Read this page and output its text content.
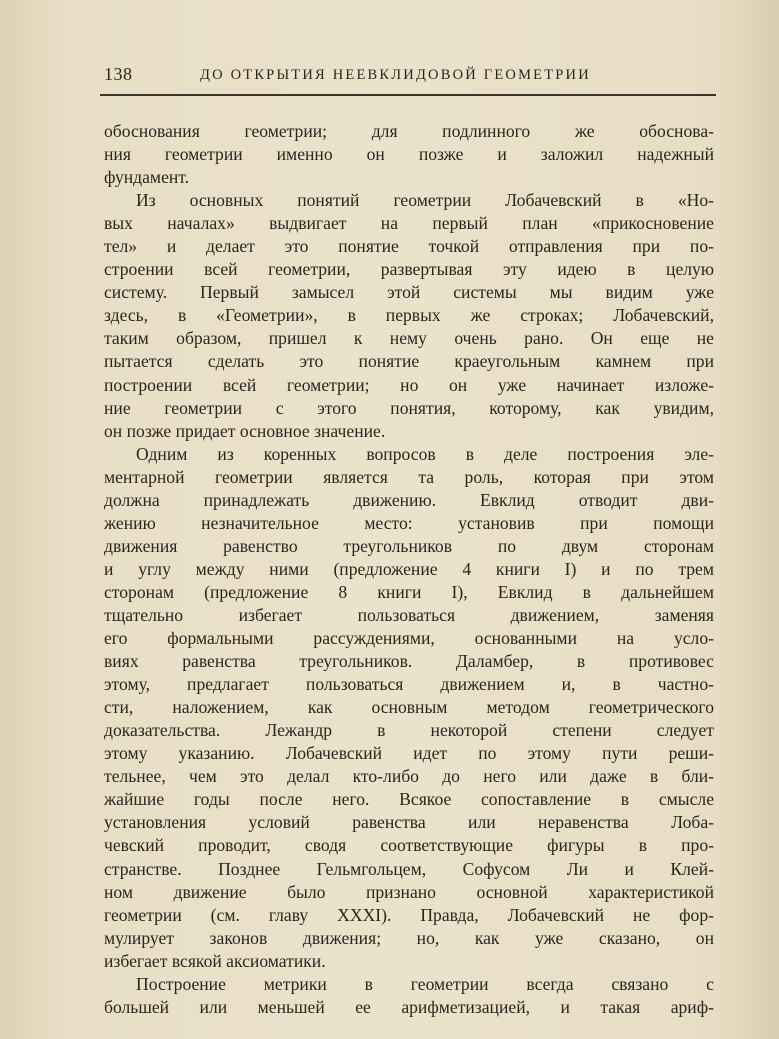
138	ДО ОТКРЫТИЯ НЕЕВКЛИДОВОЙ ГЕОМЕТРИИ
обоснования геометрии; для подлинного же обоснова-
ния геометрии именно он позже и заложил надежный
фундамент.
Из основных понятий геометрии Лобачевский в «Но-
вых началах» выдвигает на первый план «прикосновение
тел» и делает это понятие точкой отправления при по-
строении всей геометрии, развертывая эту идею в целую
систему. Первый замысел этой системы мы видим уже
здесь, в «Геометрии», в первых же строках; Лобачевский,
таким образом, пришел к нему очень рано. Он еще не
пытается сделать это понятие краеугольным камнем при
построении всей геометрии; но он уже начинает изложе-
ние геометрии с этого понятия, которому, как увидим,
он позже придает основное значение.
Одним из коренных вопросов в деле построения эле-
ментарной геометрии является та роль, которая при этом
должна принадлежать движению. Евклид отводит дви-
жению незначительное место: установив при помощи
движения равенство треугольников по двум сторонам
и углу между ними (предложение 4 книги I) и по трем
сторонам (предложение 8 книги I), Евклид в дальнейшем
тщательно избегает пользоваться движением, заменяя
его формальными рассуждениями, основанными на усло-
виях равенства треугольников. Даламбер, в противовес
этому, предлагает пользоваться движением и, в частно-
сти, наложением, как основным методом геометрического
доказательства. Лежандр в некоторой степени следует
этому указанию. Лобачевский идет по этому пути реши-
тельнее, чем это делал кто-либо до него или даже в бли-
жайшие годы после него. Всякое сопоставление в смысле
установления условий равенства или неравенства Лоба-
чевский проводит, сводя соответствующие фигуры в про-
странстве. Позднее Гельмгольцем, Софусом Ли и Клей-
ном движение было признано основной характеристикой
геометрии (см. главу XXXI). Правда, Лобачевский не фор-
мулирует законов движения; но, как уже сказано, он
избегает всякой аксиоматики.
Построение метрики в геометрии всегда связано с
большей или меньшей ее арифметизацией, и такая ариф-
